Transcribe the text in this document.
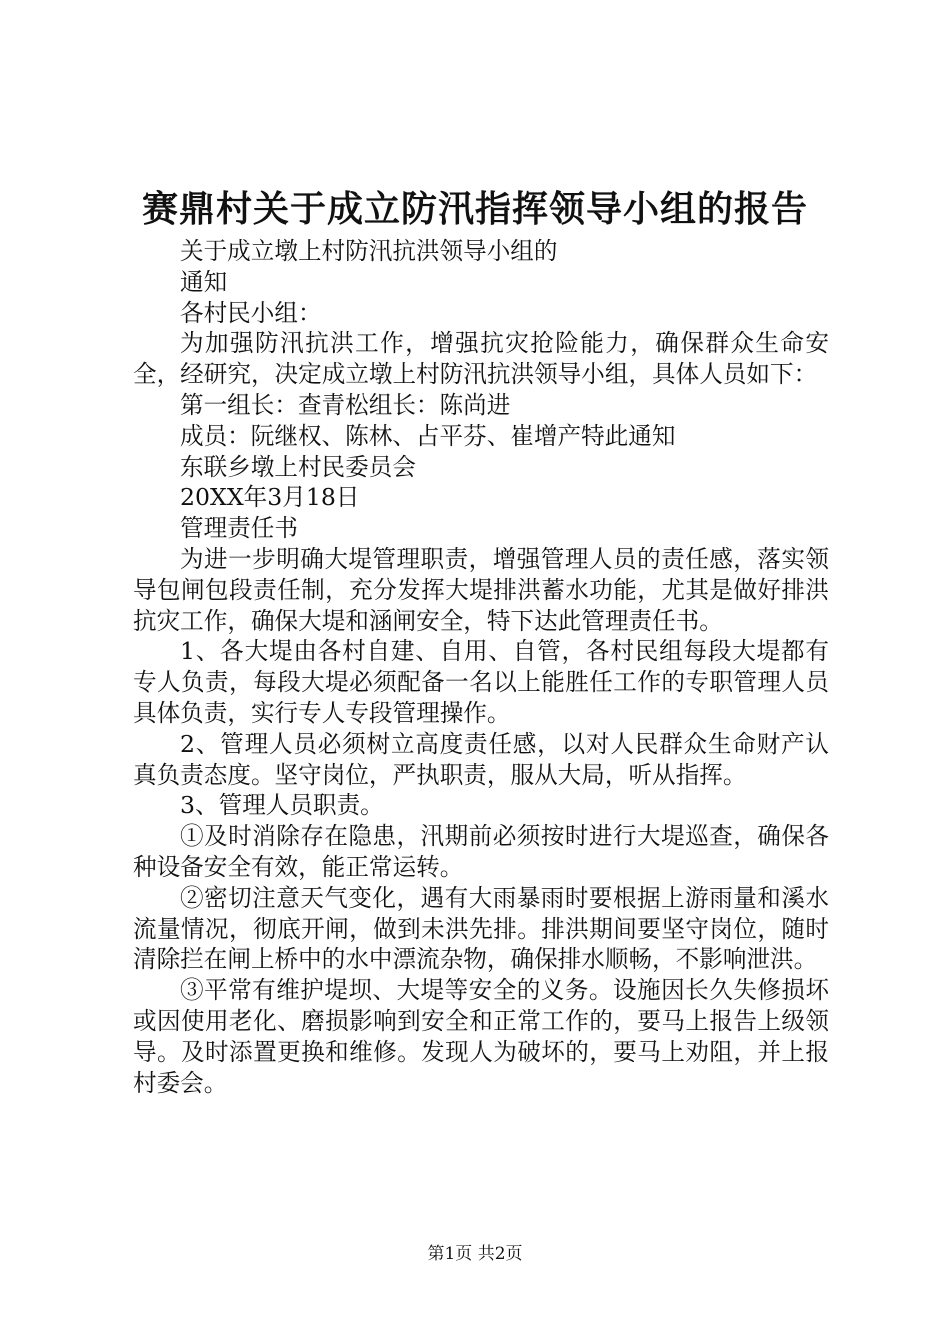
赛鼎村关于成立防汛指挥领导小组的报告

关于成立墩上村防汛抗洪领导小组的

通知

各村民小组：

为加强防汛抗洪工作，增强抗灾抢险能力，确保群众生命安全，经研究，决定成立墩上村防汛抗洪领导小组，具体人员如下：

第一组长：查青松组长：陈尚进

成员：阮继权、陈林、占平芬、崔增产特此通知

东联乡墩上村民委员会

20XX年3月18日

管理责任书

为进一步明确大堤管理职责，增强管理人员的责任感，落实领导包闸包段责任制，充分发挥大堤排洪蓄水功能，尤其是做好排洪抗灾工作，确保大堤和涵闸安全，特下达此管理责任书。

1、各大堤由各村自建、自用、自管，各村民组每段大堤都有专人负责，每段大堤必须配备一名以上能胜任工作的专职管理人员具体负责，实行专人专段管理操作。

2、管理人员必须树立高度责任感，以对人民群众生命财产认真负责态度。坚守岗位，严执职责，服从大局，听从指挥。

3、管理人员职责。

①及时消除存在隐患，汛期前必须按时进行大堤巡查，确保各种设备安全有效，能正常运转。

②密切注意天气变化，遇有大雨暴雨时要根据上游雨量和溪水流量情况，彻底开闸，做到未洪先排。排洪期间要坚守岗位，随时清除拦在闸上桥中的水中漂流杂物，确保排水顺畅，不影响泄洪。

③平常有维护堤坝、大堤等安全的义务。设施因长久失修损坏或因使用老化、磨损影响到安全和正常工作的，要马上报告上级领导。及时添置更换和维修。发现人为破坏的，要马上劝阻，并上报村委会。

第1页 共2页
